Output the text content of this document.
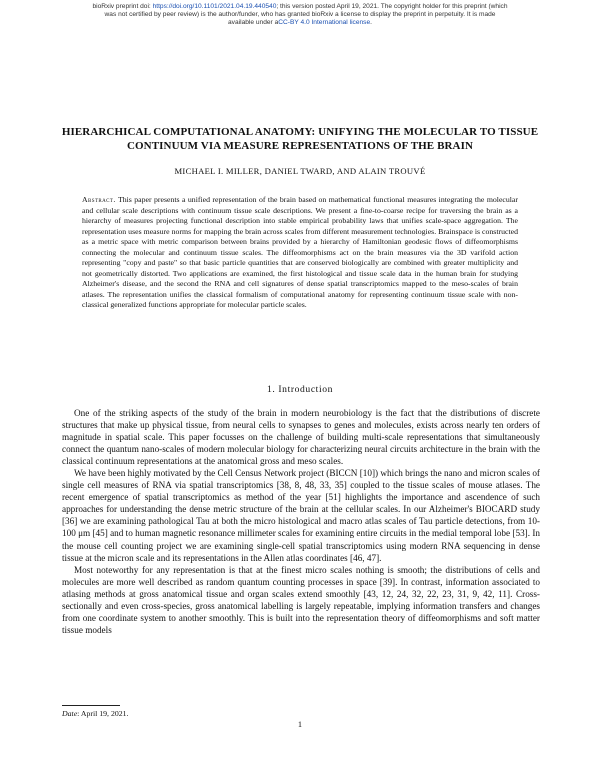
bioRxiv preprint doi: https://doi.org/10.1101/2021.04.19.440540; this version posted April 19, 2021. The copyright holder for this preprint (which
was not certified by peer review) is the author/funder, who has granted bioRxiv a license to display the preprint in perpetuity. It is made
available under aCC-BY 4.0 International license.
HIERARCHICAL COMPUTATIONAL ANATOMY: UNIFYING THE MOLECULAR TO TISSUE
CONTINUUM VIA MEASURE REPRESENTATIONS OF THE BRAIN
MICHAEL I. MILLER, DANIEL TWARD, AND ALAIN TROUVÉ
Abstract. This paper presents a unified representation of the brain based on mathematical functional measures integrating the molecular and cellular scale descriptions with continuum tissue scale descriptions. We present a fine-to-coarse recipe for traversing the brain as a hierarchy of measures projecting functional description into stable empirical probability laws that unifies scale-space aggregation. The representation uses measure norms for mapping the brain across scales from different measurement technologies. Brainspace is constructed as a metric space with metric comparison between brains provided by a hierarchy of Hamiltonian geodesic flows of diffeomorphisms connecting the molecular and continuum tissue scales. The diffeomorphisms act on the brain measures via the 3D varifold action representing "copy and paste" so that basic particle quantities that are conserved biologically are combined with greater multiplicity and not geometrically distorted. Two applications are examined, the first histological and tissue scale data in the human brain for studying Alzheimer's disease, and the second the RNA and cell signatures of dense spatial transcriptomics mapped to the meso-scales of brain atlases. The representation unifies the classical formalism of computational anatomy for representing continuum tissue scale with non-classical generalized functions appropriate for molecular particle scales.
1. Introduction

One of the striking aspects of the study of the brain in modern neurobiology is the fact that the distributions of discrete structures that make up physical tissue, from neural cells to synapses to genes and molecules, exists across nearly ten orders of magnitude in spatial scale. This paper focusses on the challenge of building multi-scale representations that simultaneously connect the quantum nano-scales of modern molecular biology for characterizing neural circuits architecture in the brain with the classical continuum representations at the anatomical gross and meso scales.

We have been highly motivated by the Cell Census Network project (BICCN [10]) which brings the nano and micron scales of single cell measures of RNA via spatial transcriptomics [38, 8, 48, 33, 35] coupled to the tissue scales of mouse atlases. The recent emergence of spatial transcriptomics as method of the year [51] highlights the importance and ascendence of such approaches for understanding the dense metric structure of the brain at the cellular scales. In our Alzheimer's BIOCARD study [36] we are examining pathological Tau at both the micro histological and macro atlas scales of Tau particle detections, from 10-100 μm [45] and to human magnetic resonance millimeter scales for examining entire circuits in the medial temporal lobe [53]. In the mouse cell counting project we are examining single-cell spatial transcriptomics using modern RNA sequencing in dense tissue at the micron scale and its representations in the Allen atlas coordinates [46, 47].

Most noteworthy for any representation is that at the finest micro scales nothing is smooth; the distributions of cells and molecules are more well described as random quantum counting processes in space [39]. In contrast, information associated to atlasing methods at gross anatomical tissue and organ scales extend smoothly [43, 12, 24, 32, 22, 23, 31, 9, 42, 11]. Cross-sectionally and even cross-species, gross anatomical labelling is largely repeatable, implying information transfers and changes from one coordinate system to another smoothly. This is built into the representation theory of diffeomorphisms and soft matter tissue models

Date: April 19, 2021.
1
